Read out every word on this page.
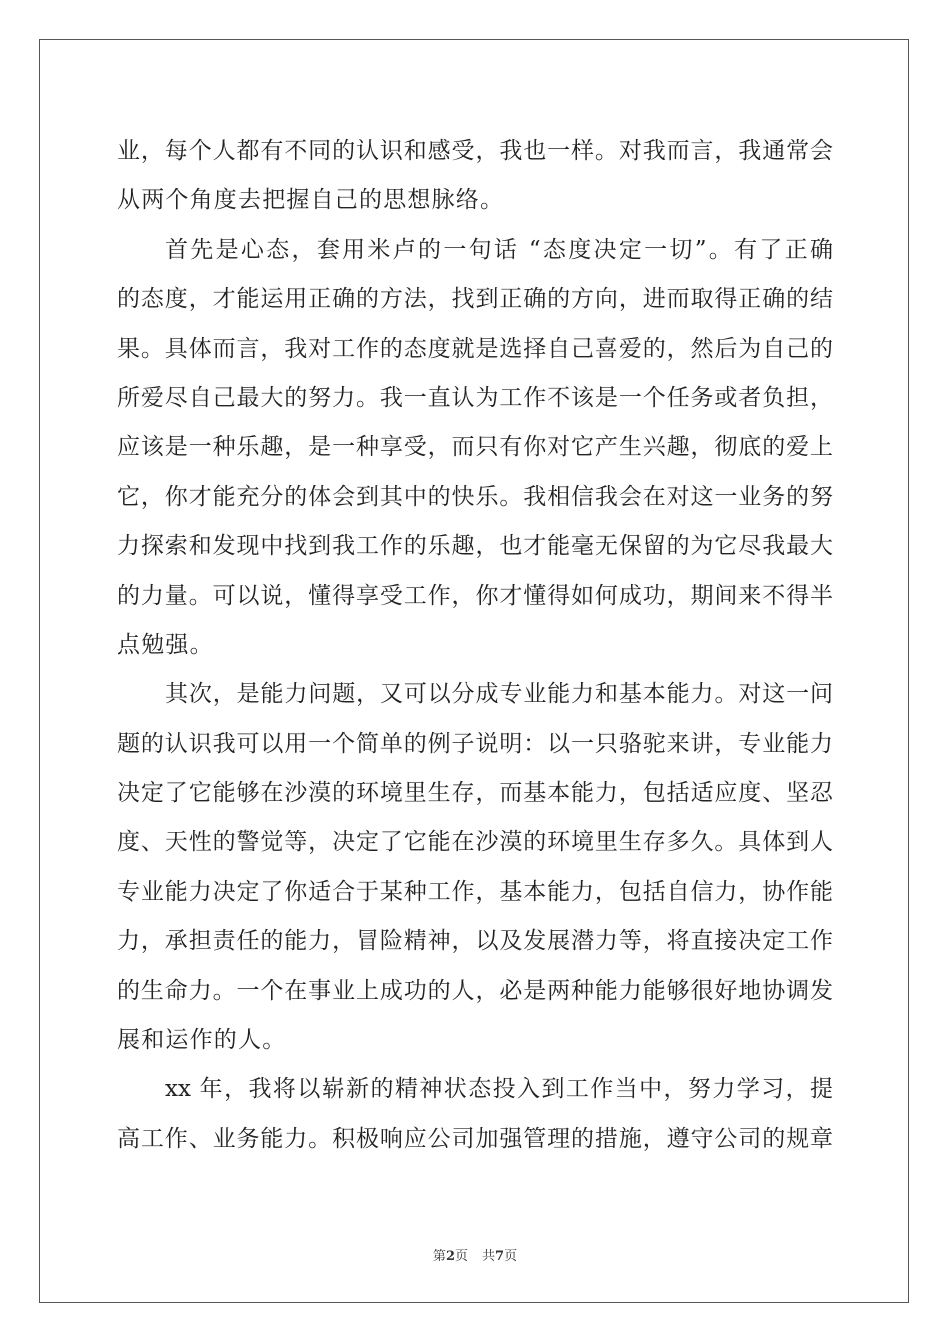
业，每个人都有不同的认识和感受，我也一样。对我而言，我通常会
从两个角度去把握自己的思想脉络。
首先是心态，套用米卢的一句话 “态度决定一切”。有了正确
的态度，才能运用正确的方法，找到正确的方向，进而取得正确的结
果。具体而言，我对工作的态度就是选择自己喜爱的，然后为自己的
所爱尽自己最大的努力。我一直认为工作不该是一个任务或者负担，
应该是一种乐趣，是一种享受，而只有你对它产生兴趣，彻底的爱上
它，你才能充分的体会到其中的快乐。我相信我会在对这一业务的努
力探索和发现中找到我工作的乐趣，也才能毫无保留的为它尽我最大
的力量。可以说，懂得享受工作，你才懂得如何成功，期间来不得半
点勉强。
其次，是能力问题，又可以分成专业能力和基本能力。对这一问
题的认识我可以用一个简单的例子说明：以一只骆驼来讲，专业能力
决定了它能够在沙漠的环境里生存，而基本能力，包括适应度、坚忍
度、天性的警觉等，决定了它能在沙漠的环境里生存多久。具体到人
专业能力决定了你适合于某种工作，基本能力，包括自信力，协作能
力，承担责任的能力，冒险精神，以及发展潜力等，将直接决定工作
的生命力。一个在事业上成功的人，必是两种能力能够很好地协调发
展和运作的人。
xx 年，我将以崭新的精神状态投入到工作当中，努力学习，提
高工作、业务能力。积极响应公司加强管理的措施，遵守公司的规章
第2页 共7页
